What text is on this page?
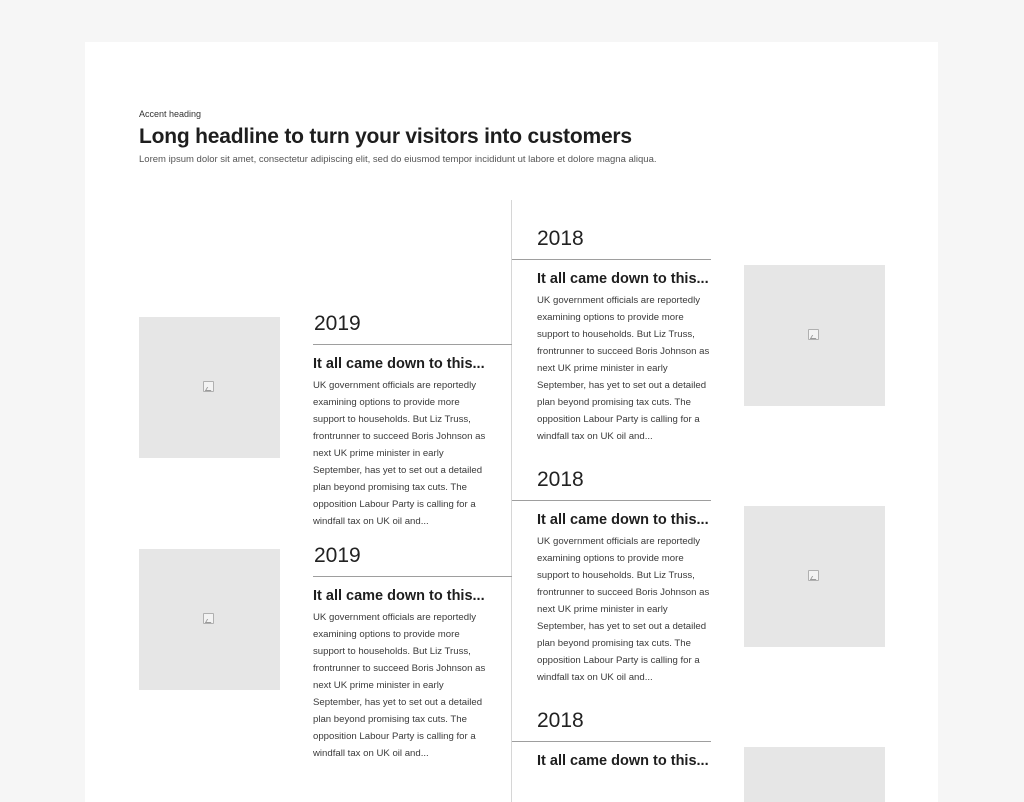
Accent heading
Long headline to turn your visitors into customers
Lorem ipsum dolor sit amet, consectetur adipiscing elit, sed do eiusmod tempor incididunt ut labore et dolore magna aliqua.
2019
It all came down to this...
UK government officials are reportedly examining options to provide more support to households. But Liz Truss, frontrunner to succeed Boris Johnson as next UK prime minister in early September, has yet to set out a detailed plan beyond promising tax cuts. The opposition Labour Party is calling for a windfall tax on UK oil and...
2019
It all came down to this...
UK government officials are reportedly examining options to provide more support to households. But Liz Truss, frontrunner to succeed Boris Johnson as next UK prime minister in early September, has yet to set out a detailed plan beyond promising tax cuts. The opposition Labour Party is calling for a windfall tax on UK oil and...
2018
It all came down to this...
UK government officials are reportedly examining options to provide more support to households. But Liz Truss, frontrunner to succeed Boris Johnson as next UK prime minister in early September, has yet to set out a detailed plan beyond promising tax cuts. The opposition Labour Party is calling for a windfall tax on UK oil and...
2018
It all came down to this...
UK government officials are reportedly examining options to provide more support to households. But Liz Truss, frontrunner to succeed Boris Johnson as next UK prime minister in early September, has yet to set out a detailed plan beyond promising tax cuts. The opposition Labour Party is calling for a windfall tax on UK oil and...
2018
It all came down to this...
